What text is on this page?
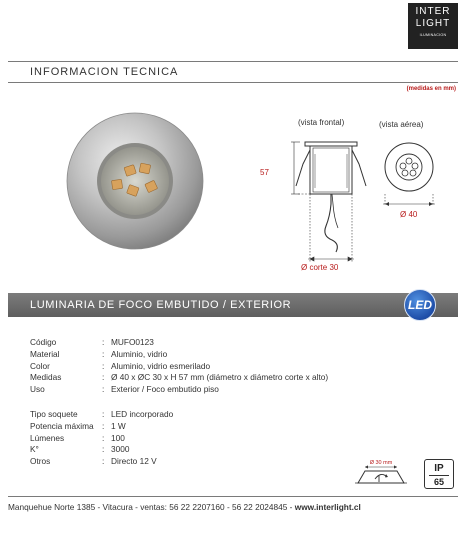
INTER
LIGHT
ILUMINACION
INFORMACION TECNICA
(medidas en mm)
(vista frontal)	(vista aérea)
57
Ø corte 30
Ø 40
LUMINARIA DE FOCO EMBUTIDO / EXTERIOR	LED
Código	: MUFO0123
Material	: Aluminio, vidrio
Color	: Aluminio, vidrio esmerilado
Medidas	: Ø 40 x ØC 30 x H 57 mm (diámetro x diámetro corte x alto)
Uso	: Exterior / Foco embutido piso
Tipo soquete	: LED incorporado
Potencia máxima	: 1 W
Lúmenes	: 100
K°	: 3000
Otros	: Directo 12 V	Ø 30 mm	IP
65
Manquehue Norte 1385 - Vitacura - ventas: 56 22 2207160 - 56 22 2024845 - www.interlight.cl
